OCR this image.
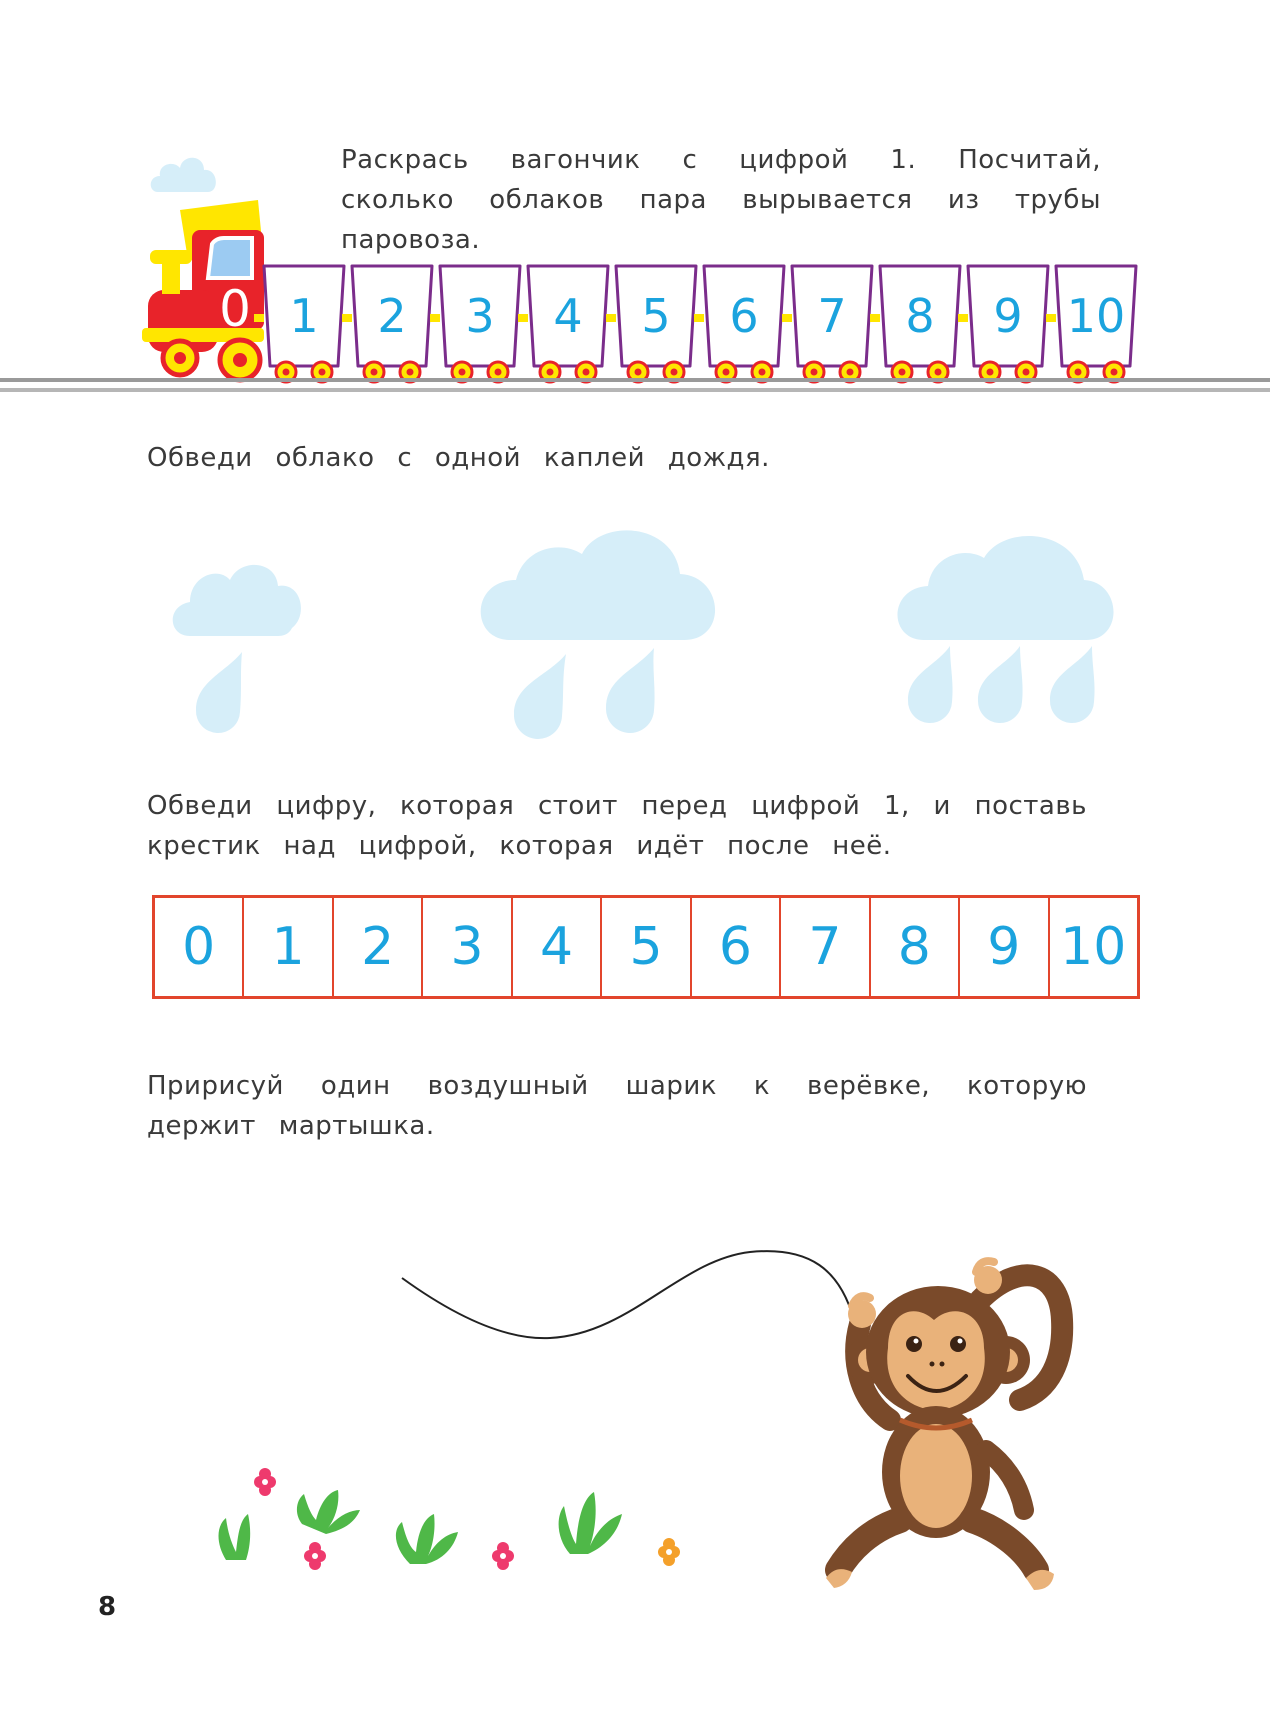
Раскрась вагончик с цифрой 1. Посчитай, сколько облаков пара вырывается из трубы паровоза.

0 1 2 3 4 5 6 7 8 9 10

Обведи облако с одной каплей дождя.

Обведи цифру, которая стоит перед цифрой 1, и поставь крестик над цифрой, которая идёт после неё.

0	1	2	3	4	5	6	7	8	9 10

Пририсуй один воздушный шарик к верёвке, которую держит мартышка.

8
